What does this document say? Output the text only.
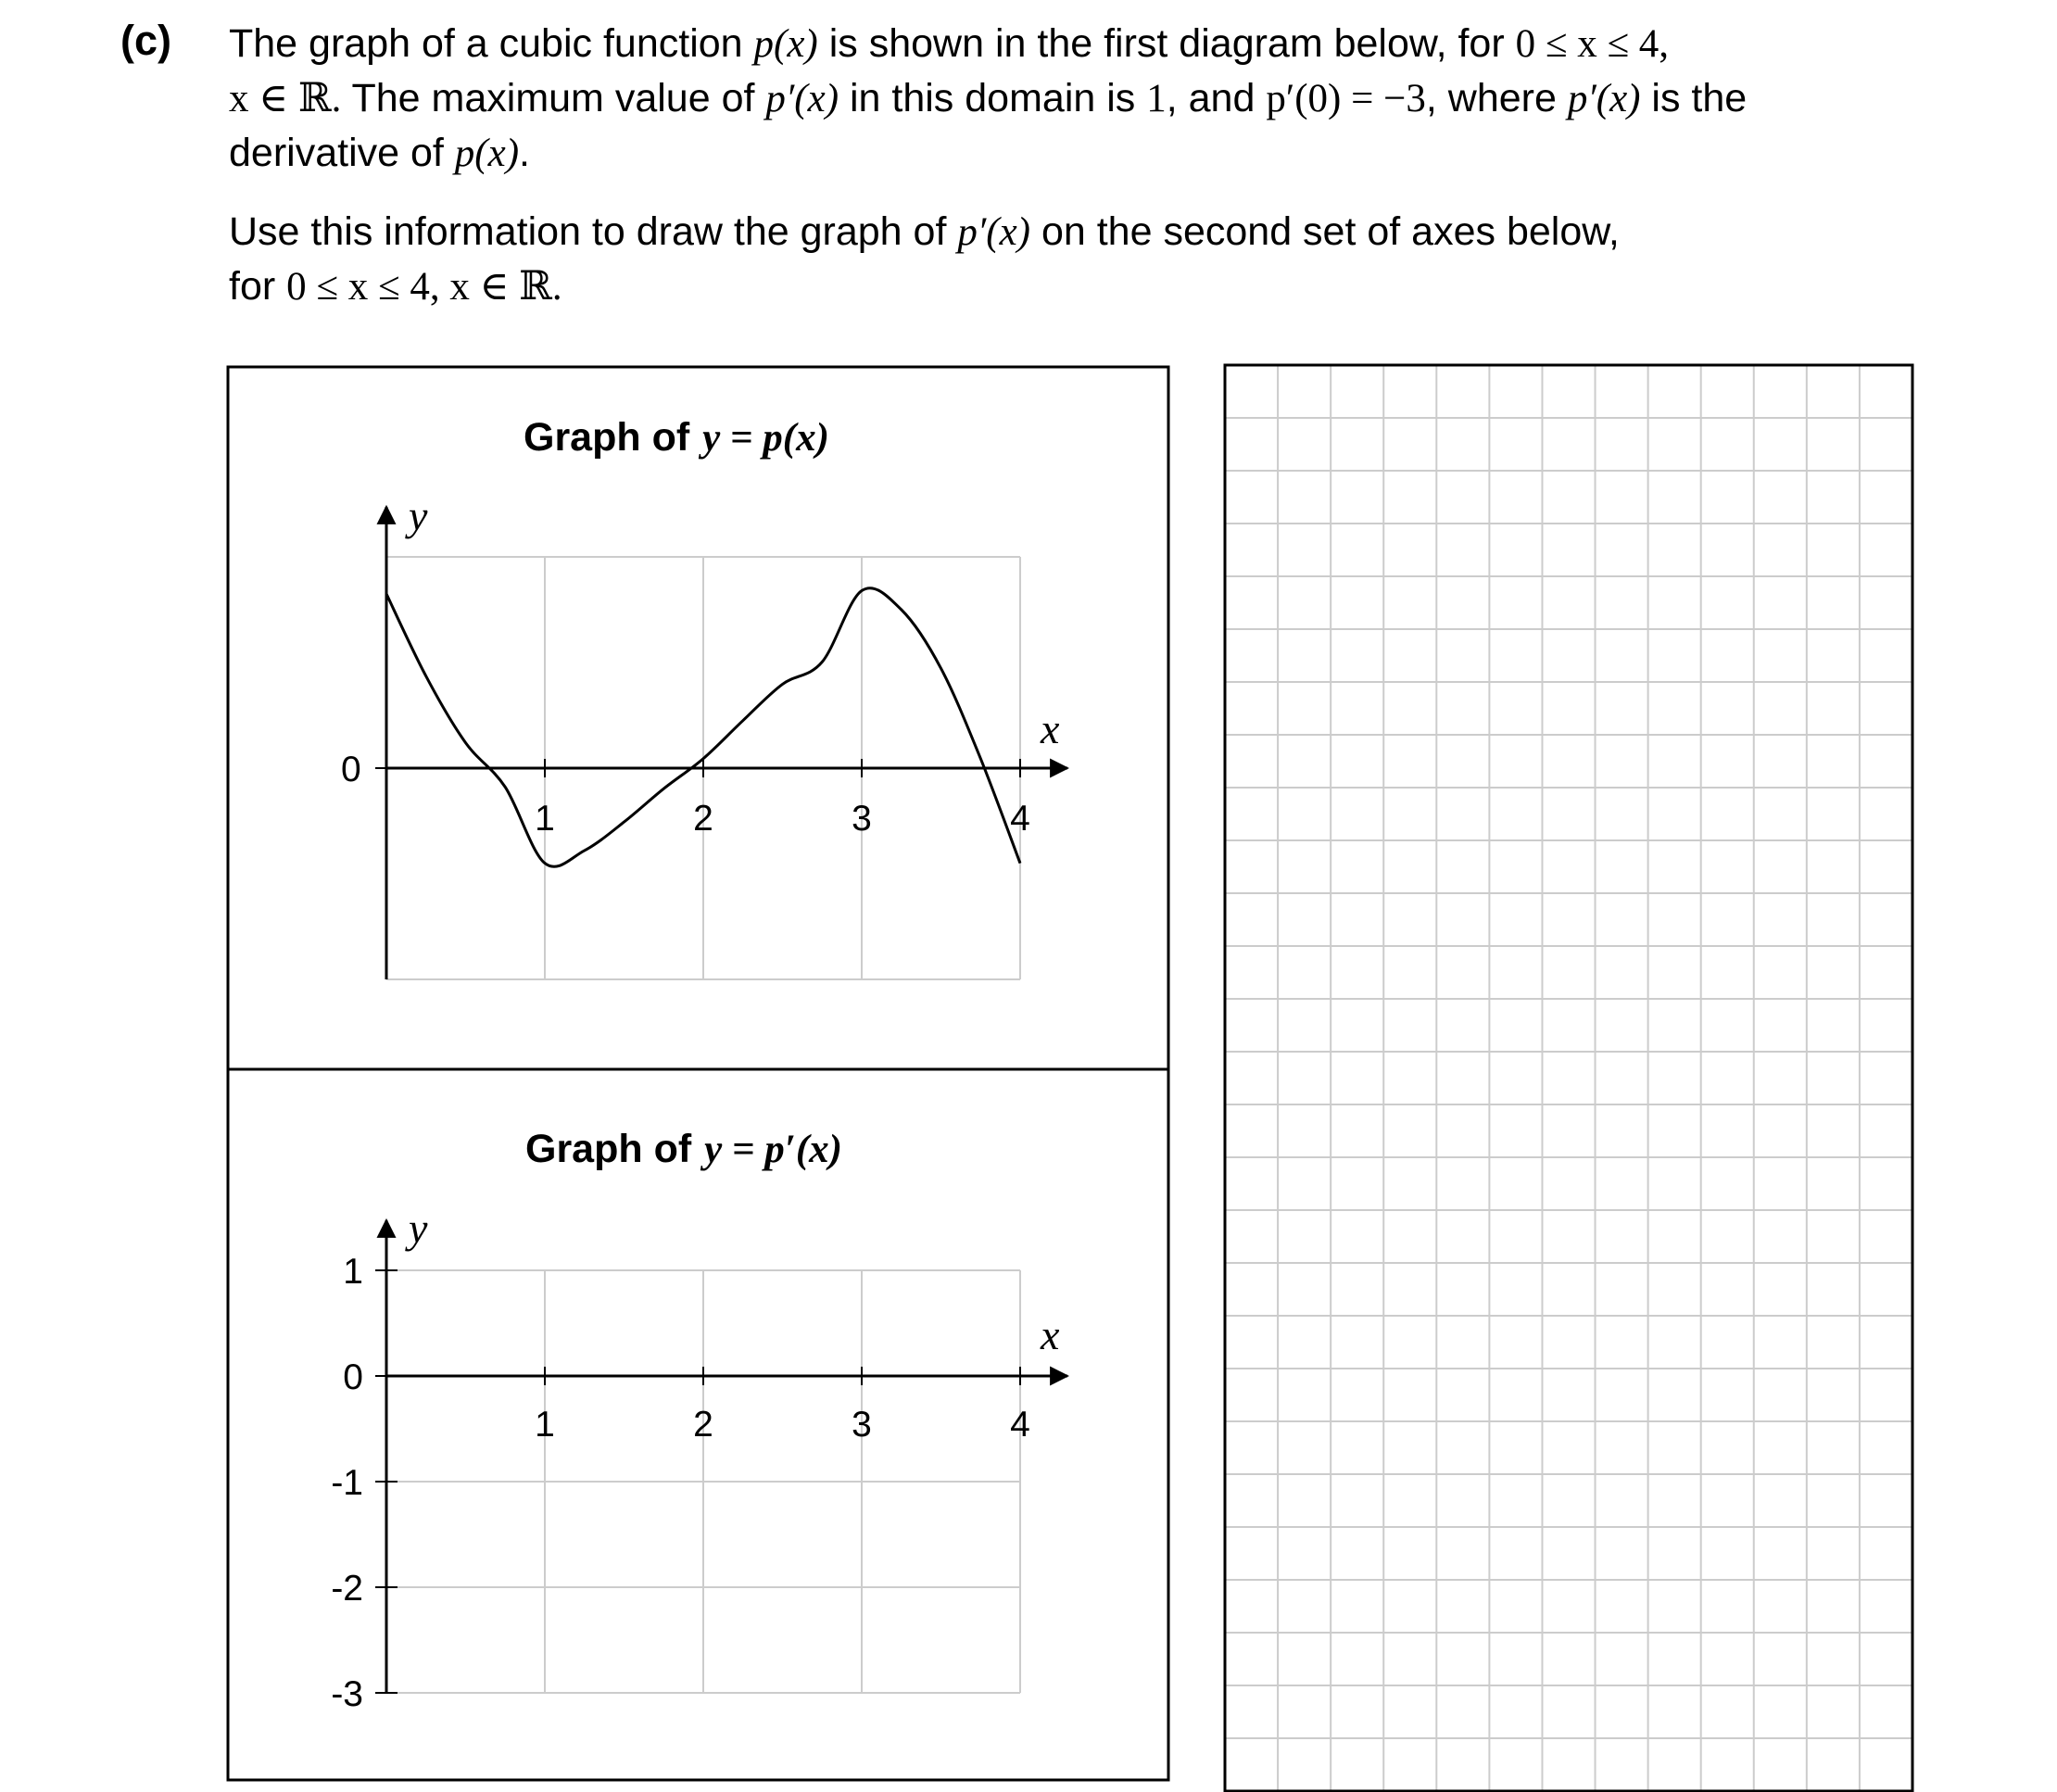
(c) The graph of a cubic function p(x) is shown in the first diagram below, for 0 ≤ x ≤ 4,
x ∈ ℝ. The maximum value of p′(x) in this domain is 1, and p′(0) = −3, where p′(x) is the
derivative of p(x).

Use this information to draw the graph of p′(x) on the second set of axes below,
for 0 ≤ x ≤ 4, x ∈ ℝ.

Graph of y = p(x)
y
x
0
1	2	3	4
Graph of y = p′(x)
y
x
1
0
-1
-2
-3
1	2	3	4
